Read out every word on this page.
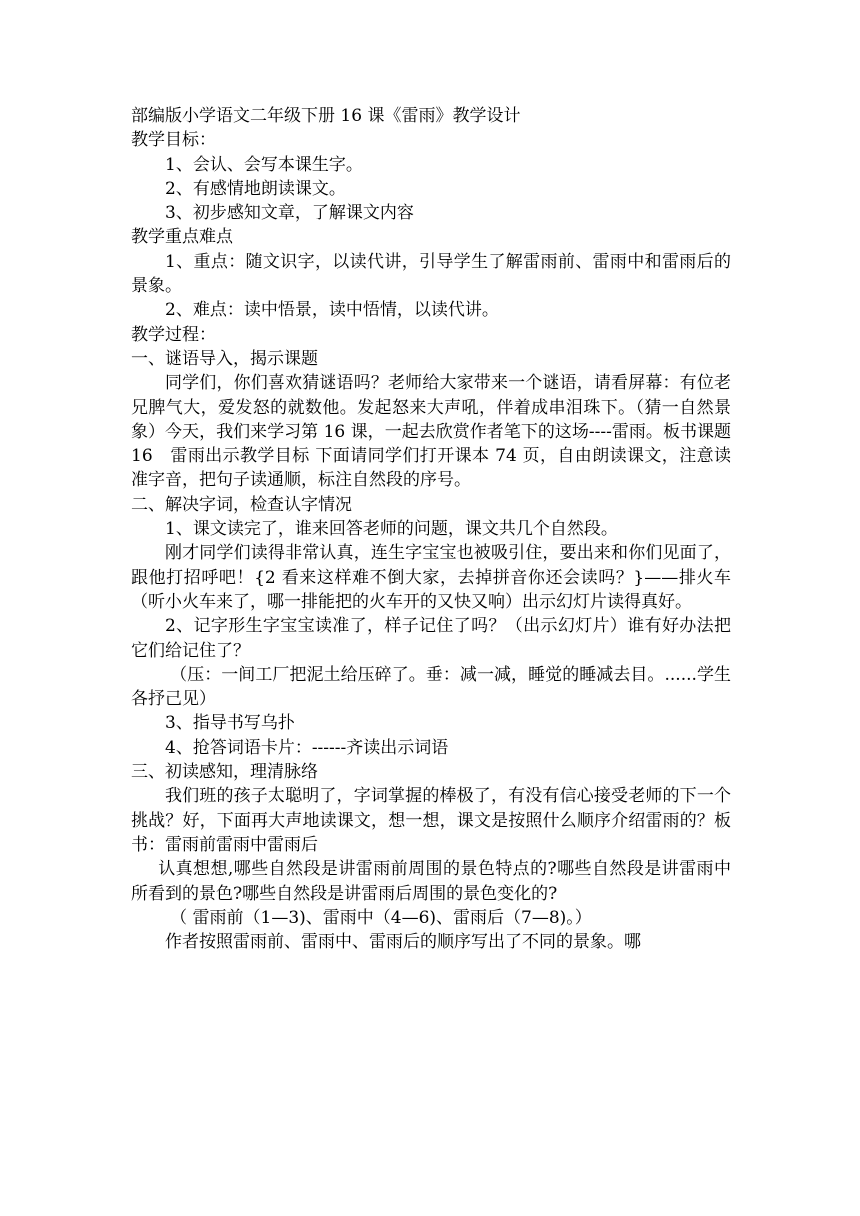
部编版小学语文二年级下册 16 课《雷雨》教学设计

教学目标：

1、会认、会写本课生字。

2、有感情地朗读课文。

3、初步感知文章，了解课文内容

教学重点难点

1、重点：随文识字，以读代讲，引导学生了解雷雨前、雷雨中和雷雨后的景象。

2、难点：读中悟景，读中悟情，以读代讲。

教学过程：

一、谜语导入，揭示课题

同学们，你们喜欢猜谜语吗？老师给大家带来一个谜语，请看屏幕：有位老兄脾气大，爱发怒的就数他。发起怒来大声吼，伴着成串泪珠下。（猜一自然景象）今天，我们来学习第 16 课，一起去欣赏作者笔下的这场----雷雨。板书课题 16　雷雨出示教学目标 下面请同学们打开课本 74 页，自由朗读课文，注意读准字音，把句子读通顺，标注自然段的序号。

二、解决字词，检查认字情况

1、课文读完了，谁来回答老师的问题，课文共几个自然段。

刚才同学们读得非常认真，连生字宝宝也被吸引住，要出来和你们见面了，跟他打招呼吧！{2 看来这样难不倒大家，去掉拼音你还会读吗？}——排火车（听小火车来了，哪一排能把的火车开的又快又响）出示幻灯片读得真好。

2、记字形生字宝宝读准了，样子记住了吗？（出示幻灯片）谁有好办法把它们给记住了？

（压：一间工厂把泥土给压碎了。垂：减一减，睡觉的睡减去目。......学生各抒己见）

3、指导书写乌扑

4、抢答词语卡片：------齐读出示词语

三、初读感知，理清脉络

我们班的孩子太聪明了，字词掌握的棒极了，有没有信心接受老师的下一个挑战？好，下面再大声地读课文，想一想，课文是按照什么顺序介绍雷雨的？板书：雷雨前雷雨中雷雨后

认真想想,哪些自然段是讲雷雨前周围的景色特点的?哪些自然段是讲雷雨中所看到的景色?哪些自然段是讲雷雨后周围的景色变化的?

（ 雷雨前（1—3)、雷雨中（4—6)、雷雨后（7—8)。）

作者按照雷雨前、雷雨中、雷雨后的顺序写出了不同的景象。哪
